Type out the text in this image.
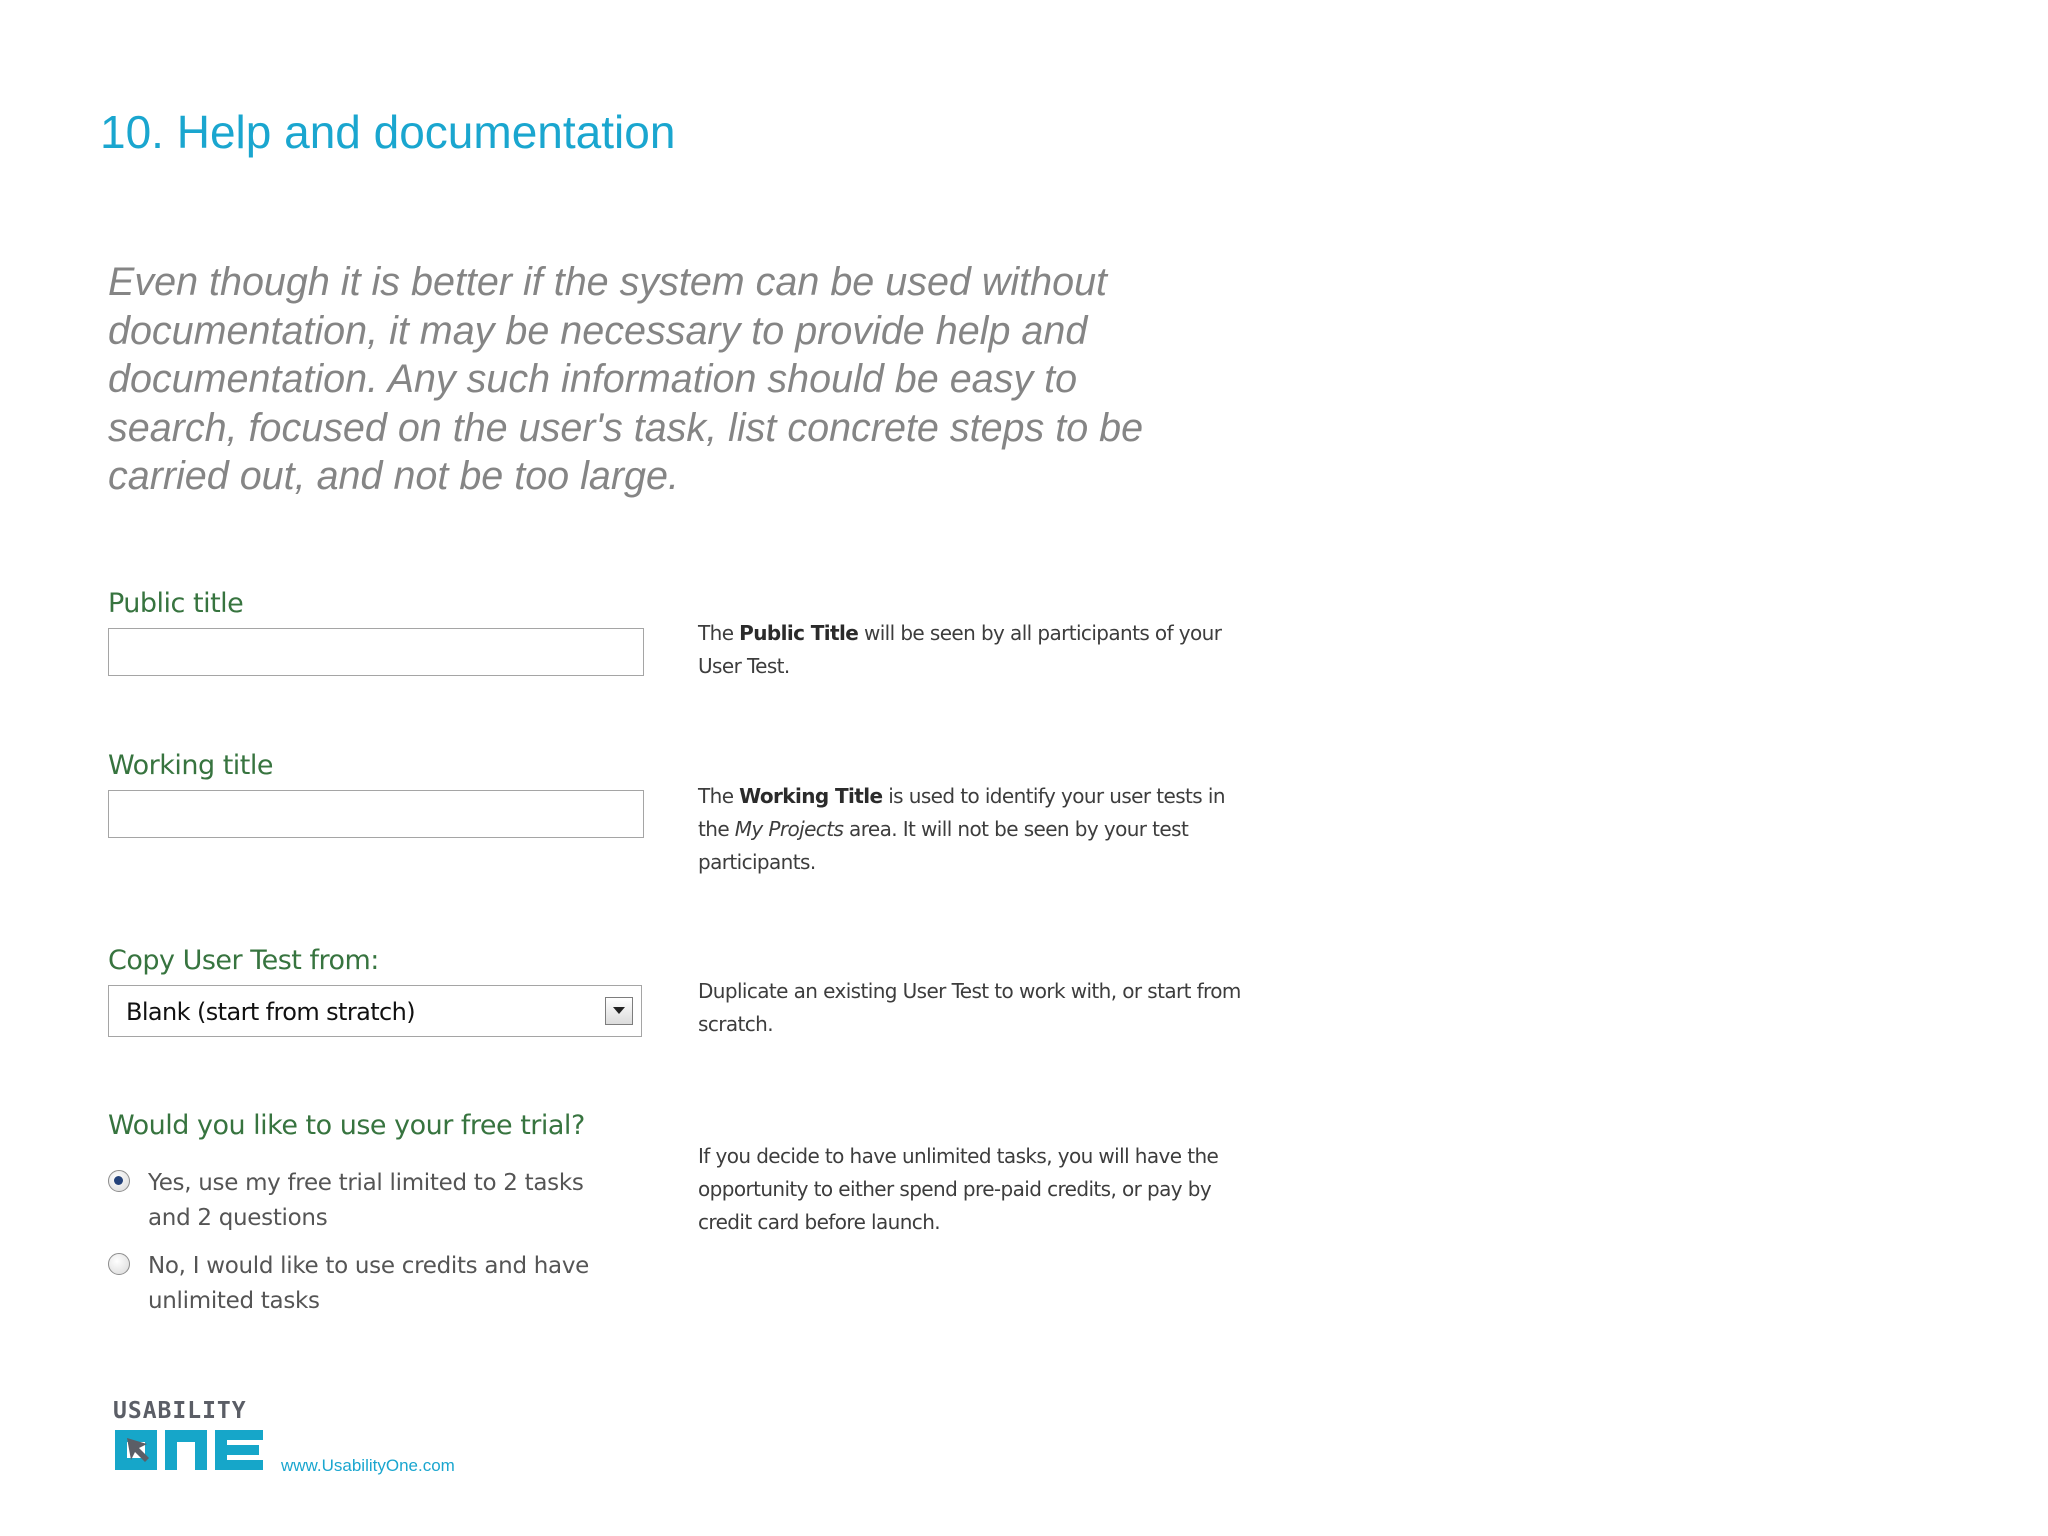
10. Help and documentation

Even though it is better if the system can be used without documentation, it may be necessary to provide help and documentation. Any such information should be easy to search, focused on the user's task, list concrete steps to be carried out, and not be too large.

Public title

The Public Title will be seen by all participants of your User Test.

Working title

The Working Title is used to identify your user tests in the My Projects area. It will not be seen by your test participants.

Copy User Test from:
Blank (start from stratch)

Duplicate an existing User Test to work with, or start from scratch.

Would you like to use your free trial?
Yes, use my free trial limited to 2 tasks and 2 questions
No, I would like to use credits and have unlimited tasks

If you decide to have unlimited tasks, you will have the opportunity to either spend pre-paid credits, or pay by credit card before launch.

USABILITY
www.UsabilityOne.com
